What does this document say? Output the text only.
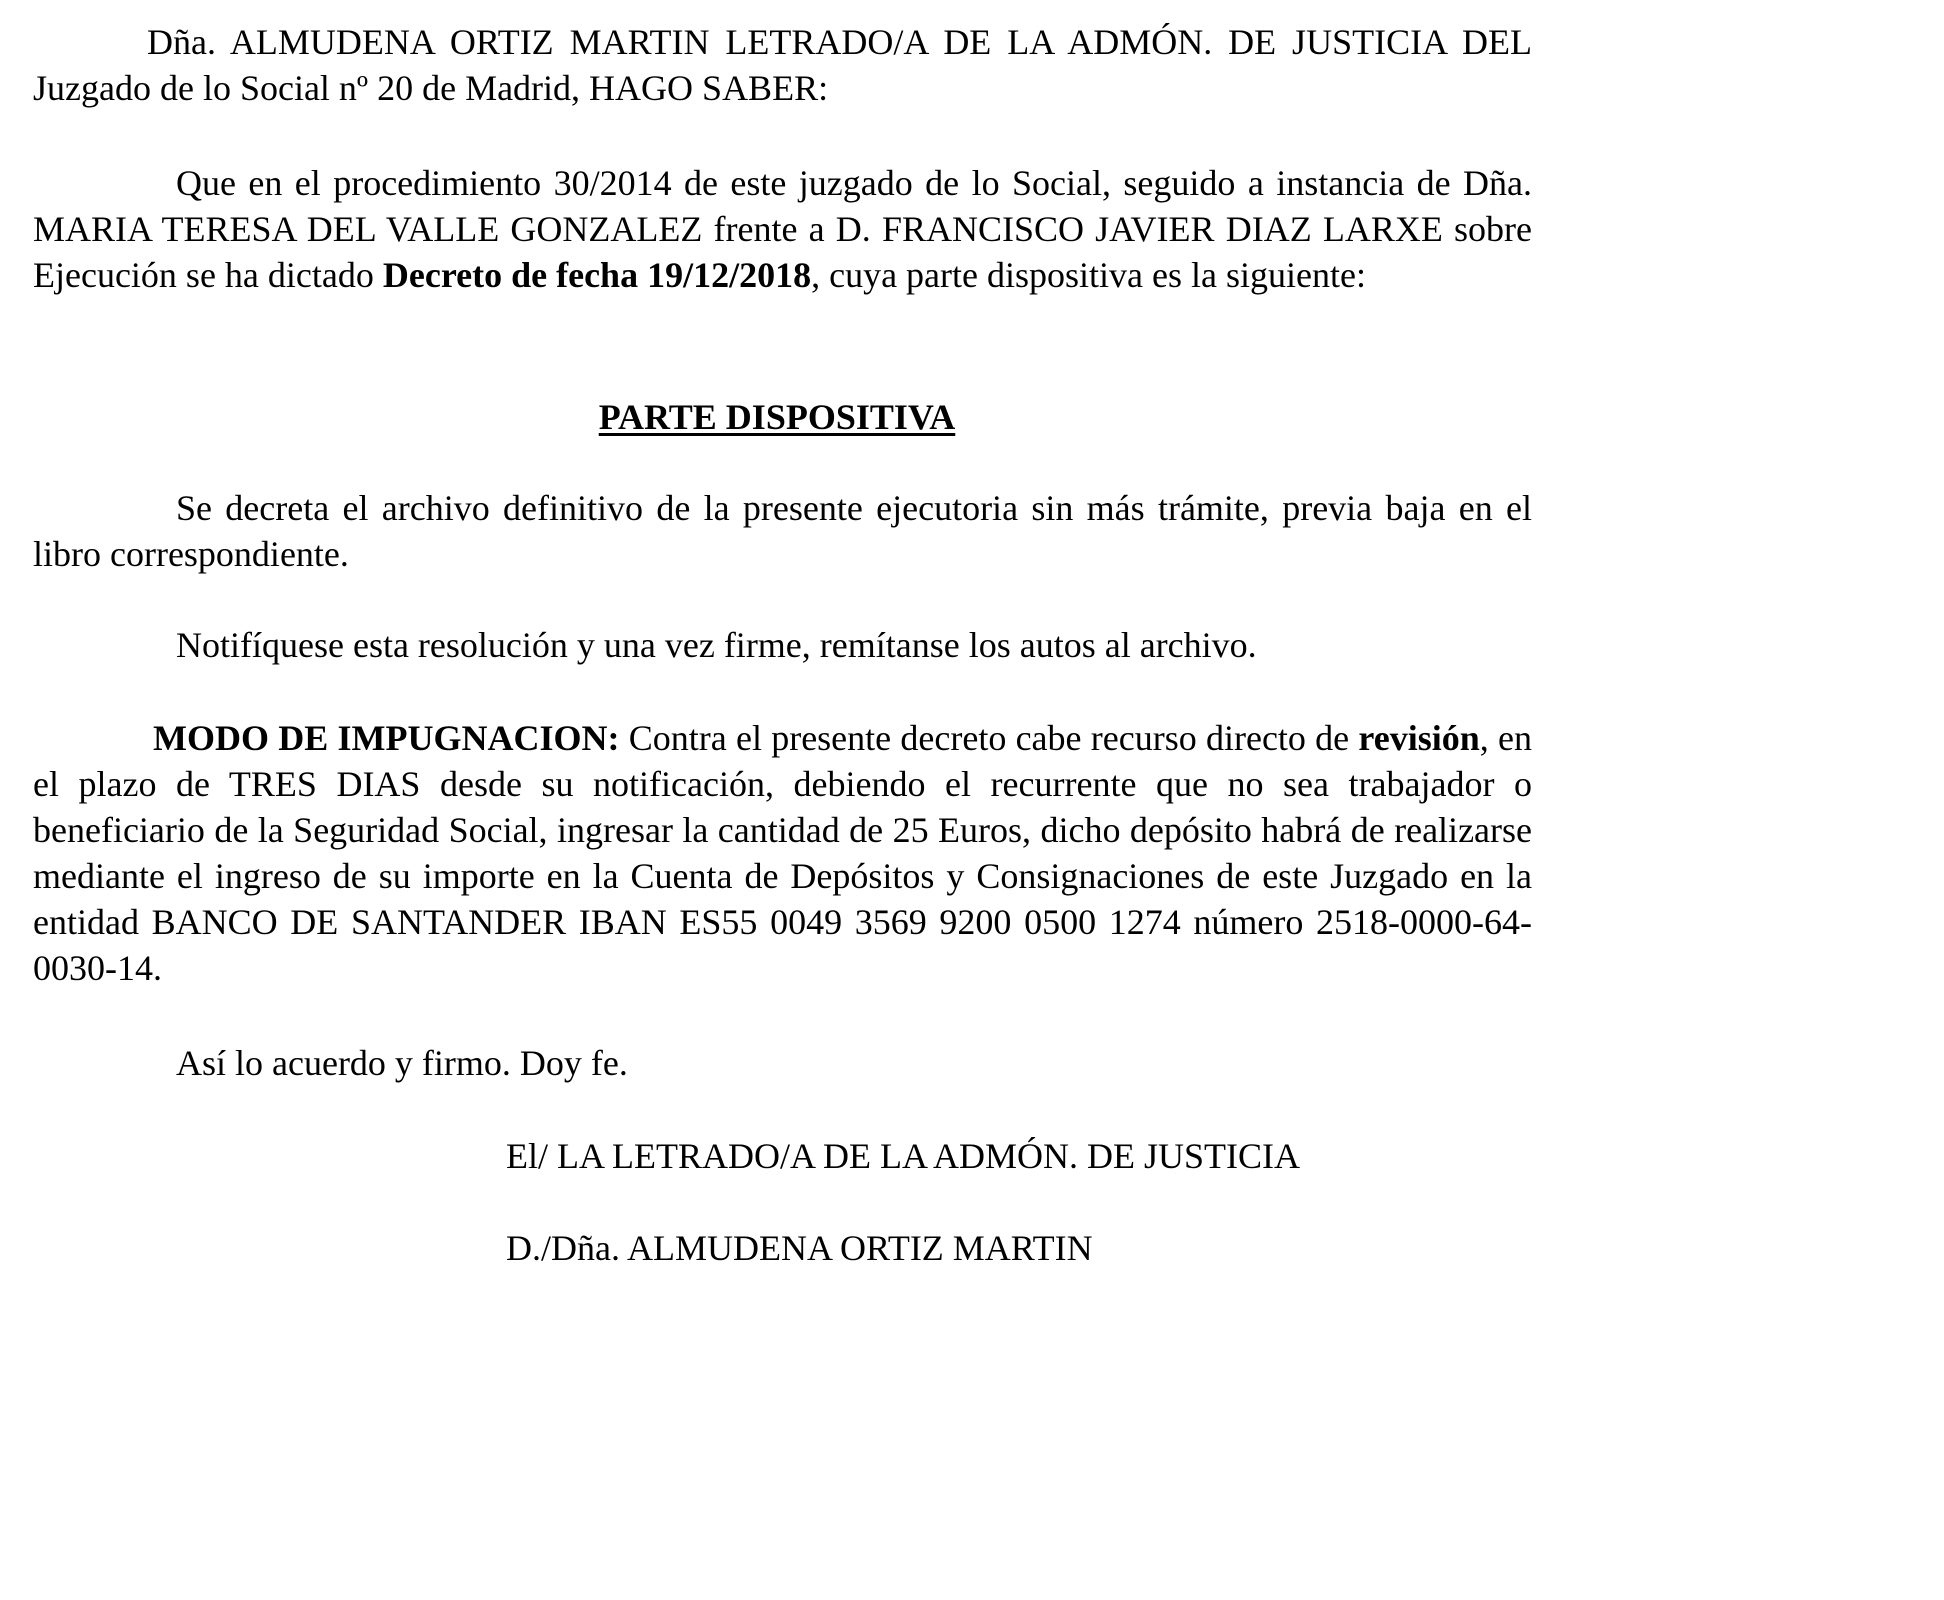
Dña. ALMUDENA ORTIZ MARTIN LETRADO/A DE LA ADMÓN. DE JUSTICIA DEL Juzgado de lo Social nº 20 de Madrid, HAGO SABER:

Que en el procedimiento 30/2014 de este juzgado de lo Social, seguido a instancia de Dña. MARIA TERESA DEL VALLE GONZALEZ frente a D. FRANCISCO JAVIER DIAZ LARXE sobre Ejecución se ha dictado Decreto de fecha 19/12/2018, cuya parte dispositiva es la siguiente:

PARTE DISPOSITIVA

Se decreta el archivo definitivo de la presente ejecutoria sin más trámite, previa baja en el libro correspondiente.

Notifíquese esta resolución y una vez firme, remítanse los autos al archivo.

MODO DE IMPUGNACION: Contra el presente decreto cabe recurso directo de revisión, en el plazo de TRES DIAS desde su notificación, debiendo el recurrente que no sea trabajador o beneficiario de la Seguridad Social, ingresar la cantidad de 25 Euros, dicho depósito habrá de realizarse mediante el ingreso de su importe en la Cuenta de Depósitos y Consignaciones de este Juzgado en la entidad BANCO DE SANTANDER IBAN ES55 0049 3569 9200 0500 1274 número 2518-0000-64-0030-14.

Así lo acuerdo y firmo. Doy fe.

El/ LA LETRADO/A DE LA ADMÓN. DE JUSTICIA
D./Dña. ALMUDENA ORTIZ MARTIN
